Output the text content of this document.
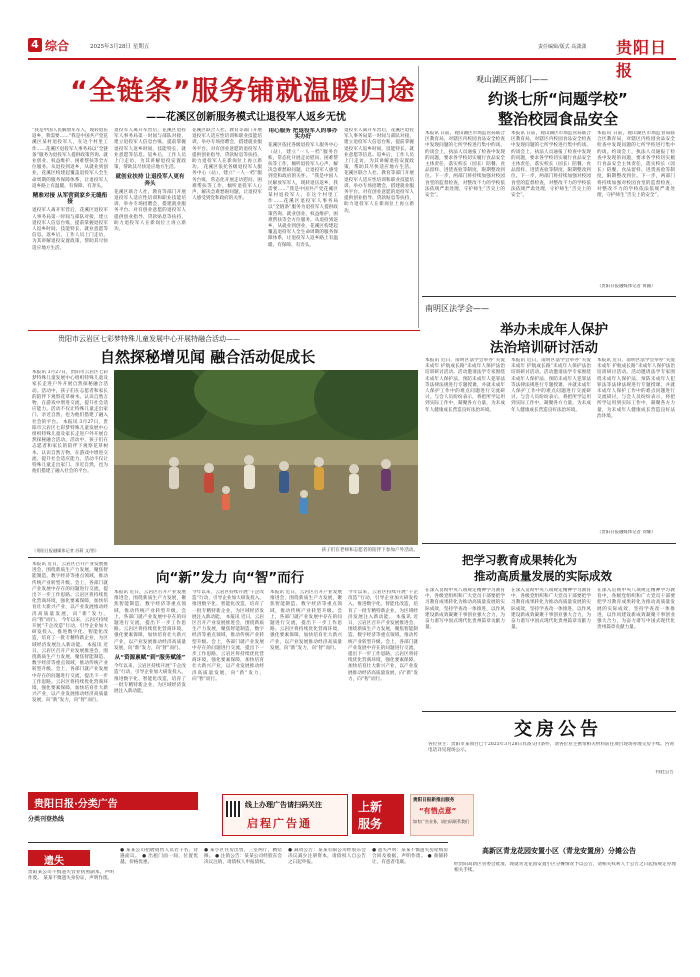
4 综合	2025年3月28日 星期五	责任编辑/版式 高潇潇 贵阳日报
“全链条”服务铺就温暖归途
——花溪区创新服务模式让退役军人返乡无忧
“我是中国人民解放军军人，现转退伍返乡，我需要……”我是中国共产党花溪区某村退役军人，在这个村里工作……花溪区退役军人事务局以“全链条”服务为退役军人提供政策咨询、就业创业、权益维护、困难帮扶等全方位服务。从退役到返乡，从就业到创业，花溪区构建起覆盖退役军人全生命周期的服务保障体系，让退役军人返乡路上有温暖、有保障、有奔头。
精准对接 从军营到家乡无缝衔接
退役军人离开军营后，花溪区退役军人事务局第一时间与部队对接，建立退役军人信息台账，提前掌握退役军人返乡时间、技能特长、就业意愿等信息。返乡后，工作人员上门走访，为其讲解退役安置政策，帮助其尽快适应地方生活。
退役军人离开军营后，花溪区退役军人事务局第一时间与部队对接，建立退役军人信息台账，提前掌握退役军人返乡时间、技能特长、就业意愿等信息。返乡后，工作人员上门走访，为其讲解退役安置政策，帮助其尽快适应地方生活。
就创业扶持 让退役军人更有奔头
花溪区联合人社、教育等部门开展退役军人适应性培训和职业技能培训，举办专场招聘会，搭建就业服务平台。对有创业意愿的退役军人提供创业指导、贷款贴息等扶持，助力退役军人在新岗位上再立新功。
花溪区联合人社、教育等部门开展退役军人适应性培训和职业技能培训，举办专场招聘会，搭建就业服务平台。对有创业意愿的退役军人提供创业指导、贷款贴息等扶持，助力退役军人在新岗位上再立新功。 花溪区依托各级退役军人服务中心（站），建立“一人一档”服务台账，常态化开展走访慰问、困难帮扶等工作，倾听退役军人心声，解决急难愁盼问题，让退役军人感受到党和政府的关怀。
用心服务 把退役军人的事办实办好
花溪区依托各级退役军人服务中心（站），建立“一人一档”服务台账，常态化开展走访慰问、困难帮扶等工作，倾听退役军人心声，解决急难愁盼问题，让退役军人感受到党和政府的关怀。 “我是中国人民解放军军人，现转退伍返乡，我需要……”我是中国共产党花溪区某村退役军人，在这个村里工作……花溪区退役军人事务局以“全链条”服务为退役军人提供政策咨询、就业创业、权益维护、困难帮扶等全方位服务。从退役到返乡，从就业到创业，花溪区构建起覆盖退役军人全生命周期的服务保障体系，让退役军人返乡路上有温暖、有保障、有奔头。
退役军人离开军营后，花溪区退役军人事务局第一时间与部队对接，建立退役军人信息台账，提前掌握退役军人返乡时间、技能特长、就业意愿等信息。返乡后，工作人员上门走访，为其讲解退役安置政策，帮助其尽快适应地方生活。 花溪区联合人社、教育等部门开展退役军人适应性培训和职业技能培训，举办专场招聘会，搭建就业服务平台。对有创业意愿的退役军人提供创业指导、贷款贴息等扶持，助力退役军人在新岗位上再立新功。
观山湖区两部门——
约谈七所“问题学校”
整治校园食品安全
本报讯 日前，观山湖区市场监管局联合区教育局，对辖区内校园食品安全检查中发现问题的七所学校进行集中约谈。约谈会上，执法人员通报了检查中发现的问题，要求各学校切实履行食品安全主体责任，落实校长（园长）陪餐、食品留样、进货查验等制度，限期整改到位。下一步，两部门将持续加强对校园食堂的监督检查，对整改不力的学校依法依规严肃处理，守护师生“舌尖上的安全”。
本报讯 日前，观山湖区市场监管局联合区教育局，对辖区内校园食品安全检查中发现问题的七所学校进行集中约谈。约谈会上，执法人员通报了检查中发现的问题，要求各学校切实履行食品安全主体责任，落实校长（园长）陪餐、食品留样、进货查验等制度，限期整改到位。下一步，两部门将持续加强对校园食堂的监督检查，对整改不力的学校依法依规严肃处理，守护师生“舌尖上的安全”。
本报讯 日前，观山湖区市场监管局联合区教育局，对辖区内校园食品安全检查中发现问题的七所学校进行集中约谈。约谈会上，执法人员通报了检查中发现的问题，要求各学校切实履行食品安全主体责任，落实校长（园长）陪餐、食品留样、进货查验等制度，限期整改到位。下一步，两部门将持续加强对校园食堂的监督检查，对整改不力的学校依法依规严肃处理，守护师生“舌尖上的安全”。
（贵阳日报融媒体记者 黄颖）
南明区法学会——
举办未成年人保护
法治培训研讨活动
本报讯 近日，南明区法学会举办“关爱未成年 护航成长路”未成年人保护法治培训研讨活动。活动邀请法学专家围绕未成年人保护法、预防未成年人犯罪法等法律法规进行专题授课，并就未成年人保护工作中的难点问题进行交流研讨。与会人员纷纷表示，将把所学运用到实际工作中，凝聚各方力量，为未成年人健康成长营造良好法治环境。
本报讯 近日，南明区法学会举办“关爱未成年 护航成长路”未成年人保护法治培训研讨活动。活动邀请法学专家围绕未成年人保护法、预防未成年人犯罪法等法律法规进行专题授课，并就未成年人保护工作中的难点问题进行交流研讨。与会人员纷纷表示，将把所学运用到实际工作中，凝聚各方力量，为未成年人健康成长营造良好法治环境。
本报讯 近日，南明区法学会举办“关爱未成年 护航成长路”未成年人保护法治培训研讨活动。活动邀请法学专家围绕未成年人保护法、预防未成年人犯罪法等法律法规进行专题授课，并就未成年人保护工作中的难点问题进行交流研讨。与会人员纷纷表示，将把所学运用到实际工作中，凝聚各方力量，为未成年人健康成长营造良好法治环境。
（贵阳日报融媒体记者 刘耀）
贵阳市云岩区七彩梦特殊儿童发展中心开展特融合活动——
自然探秘增见闻 融合活动促成长
本报讯 3月27日，贵阳市云岩区七彩梦特殊儿童发展中心组织特殊儿童及家长走进户外开展自然探秘融合活动。活动中，孩子们在志愿者和家长的陪伴下观察花草树木、认识自然万物，在游戏中增进交流，提升社会适应能力。活动不仅让特殊儿童走出家门、亲近自然，也为他们搭建了融入社会的平台。 本报讯 3月27日，贵阳市云岩区七彩梦特殊儿童发展中心组织特殊儿童及家长走进户外开展自然探秘融合活动。活动中，孩子们在志愿者和家长的陪伴下观察花草树木、认识自然万物，在游戏中增进交流，提升社会适应能力。活动不仅让特殊儿童走出家门、亲近自然，也为他们搭建了融入社会的平台。
（贵阳日报融媒体记者 苏莉 文/图）	孩子们在老师和志愿者的陪伴下参加户外活动。
本报讯 近日，云岩区召开产业发展推进会，围绕新质生产力发展，聚焦智能制造、数字经济等重点领域，推动传统产业转型升级。会上，各部门就产业发展中存在的问题进行交流，提出下一步工作思路。云岩区将持续优化营商环境，强化要素保障，加快培育壮大新兴产业，以产业发展推动经济高质量发展，向“新”发力，向“智”而行。 今年以来，云岩区持续开展“千企改造”行动，引导企业加大研发投入，推进数字化、智能化改造，培育了一批专精特新企业，为区域经济发展注入新动能。 本报讯 近日，云岩区召开产业发展推进会，围绕新质生产力发展，聚焦智能制造、数字经济等重点领域，推动传统产业转型升级。会上，各部门就产业发展中存在的问题进行交流，提出下一步工作思路。云岩区将持续优化营商环境，强化要素保障，加快培育壮大新兴产业，以产业发展推动经济高质量发展，向“新”发力，向“智”而行。
向“新”发力 向“智”而行
本报讯 近日，云岩区召开产业发展推进会，围绕新质生产力发展，聚焦智能制造、数字经济等重点领域，推动传统产业转型升级。会上，各部门就产业发展中存在的问题进行交流，提出下一步工作思路。云岩区将持续优化营商环境，强化要素保障，加快培育壮大新兴产业，以产业发展推动经济高质量发展，向“新”发力，向“智”而行。
从“资源禀赋”到“服务赋能”
今年以来，云岩区持续开展“千企改造”行动，引导企业加大研发投入，推进数字化、智能化改造，培育了一批专精特新企业，为区域经济发展注入新动能。
今年以来，云岩区持续开展“千企改造”行动，引导企业加大研发投入，推进数字化、智能化改造，培育了一批专精特新企业，为区域经济发展注入新动能。 本报讯 近日，云岩区召开产业发展推进会，围绕新质生产力发展，聚焦智能制造、数字经济等重点领域，推动传统产业转型升级。会上，各部门就产业发展中存在的问题进行交流，提出下一步工作思路。云岩区将持续优化营商环境，强化要素保障，加快培育壮大新兴产业，以产业发展推动经济高质量发展，向“新”发力，向“智”而行。
本报讯 近日，云岩区召开产业发展推进会，围绕新质生产力发展，聚焦智能制造、数字经济等重点领域，推动传统产业转型升级。会上，各部门就产业发展中存在的问题进行交流，提出下一步工作思路。云岩区将持续优化营商环境，强化要素保障，加快培育壮大新兴产业，以产业发展推动经济高质量发展，向“新”发力，向“智”而行。
今年以来，云岩区持续开展“千企改造”行动，引导企业加大研发投入，推进数字化、智能化改造，培育了一批专精特新企业，为区域经济发展注入新动能。 本报讯 近日，云岩区召开产业发展推进会，围绕新质生产力发展，聚焦智能制造、数字经济等重点领域，推动传统产业转型升级。会上，各部门就产业发展中存在的问题进行交流，提出下一步工作思路。云岩区将持续优化营商环境，强化要素保障，加快培育壮大新兴产业，以产业发展推动经济高质量发展，向“新”发力，向“智”而行。
把学习教育成果转化为
推动高质量发展的实际成效
在深入贯彻中央八项规定精神学习教育中，各级党组织和广大党员干部要把学习教育成果转化为推动高质量发展的实际成效，坚持学查改一体推进，以作风建设新成效凝聚干事创业强大合力，为奋力谱写中国式现代化贵州篇章贡献力量。
在深入贯彻中央八项规定精神学习教育中，各级党组织和广大党员干部要把学习教育成果转化为推动高质量发展的实际成效，坚持学查改一体推进，以作风建设新成效凝聚干事创业强大合力，为奋力谱写中国式现代化贵州篇章贡献力量。
在深入贯彻中央八项规定精神学习教育中，各级党组织和广大党员干部要把学习教育成果转化为推动高质量发展的实际成效，坚持学查改一体推进，以作风建设新成效凝聚干事创业强大合力，为奋力谱写中国式现代化贵州篇章贡献力量。
交房公告
各位业主：贵阳市某项目已于2025年3月28日具备交付条件，请各位业主携带相关材料前往项目现场办理交房手续。咨询电话详见现场公示。
特此公告
贵阳日报·分类广告
分类刊登热线
线上办理广告请扫码关注
启程广告通
上新
服务
贵阳日报新推出服务
“有惜点意”
如有广告业务，请扫码联系我们
高新区青龙花园安置小区（青龙安置房）分摊公告
遗失
贵阳某公司不慎遗失营业执照副本，声明作废。 某某不慎遗失身份证，声明作废。
● 某某公司招聘销售人员若干名，待遇面议。 ● 出租门面一间，位置优越，价格优惠。
● 某小区住房出售，三室两厅，精装修。 ● 注销公告：某某公司经股东会决议注销，请债权人申报债权。
● 减资公告：某某有限公司经股东会决议减少注册资本，请债权人自公告之日起申报。
● 遗失声明：某某不慎遗失房屋购房合同及收据，声明作废。 ● 商铺转让，有意者电联。	经贵阳高新区管委会批准，现就青龙花园安置小区分摊情况予以公告，请相关权利人于公告之日起按规定办理相关手续。
